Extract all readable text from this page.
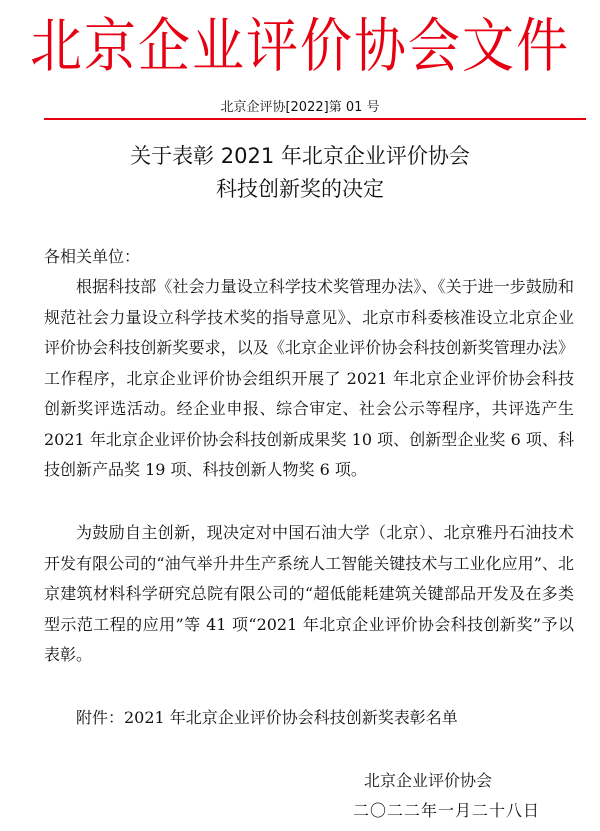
北京企业评价协会文件
北京企评协[2022]第 01 号
关于表彰 2021 年北京企业评价协会
科技创新奖的决定
各相关单位：

根据科技部《社会力量设立科学技术奖管理办法》、《关于进一步鼓励和规范社会力量设立科学技术奖的指导意见》、北京市科委核准设立北京企业评价协会科技创新奖要求，以及《北京企业评价协会科技创新奖管理办法》工作程序，北京企业评价协会组织开展了 2021 年北京企业评价协会科技创新奖评选活动。经企业申报、综合审定、社会公示等程序，共评选产生 2021 年北京企业评价协会科技创新成果奖 10 项、创新型企业奖 6 项、科技创新产品奖 19 项、科技创新人物奖 6 项。

为鼓励自主创新，现决定对中国石油大学（北京）、北京雅丹石油技术开发有限公司的“油气举升井生产系统人工智能关键技术与工业化应用”、北京建筑材料科学研究总院有限公司的“超低能耗建筑关键部品开发及在多类型示范工程的应用”等 41 项“2021 年北京企业评价协会科技创新奖”予以表彰。

附件：2021 年北京企业评价协会科技创新奖表彰名单
北京企业评价协会
二〇二二年一月二十八日
